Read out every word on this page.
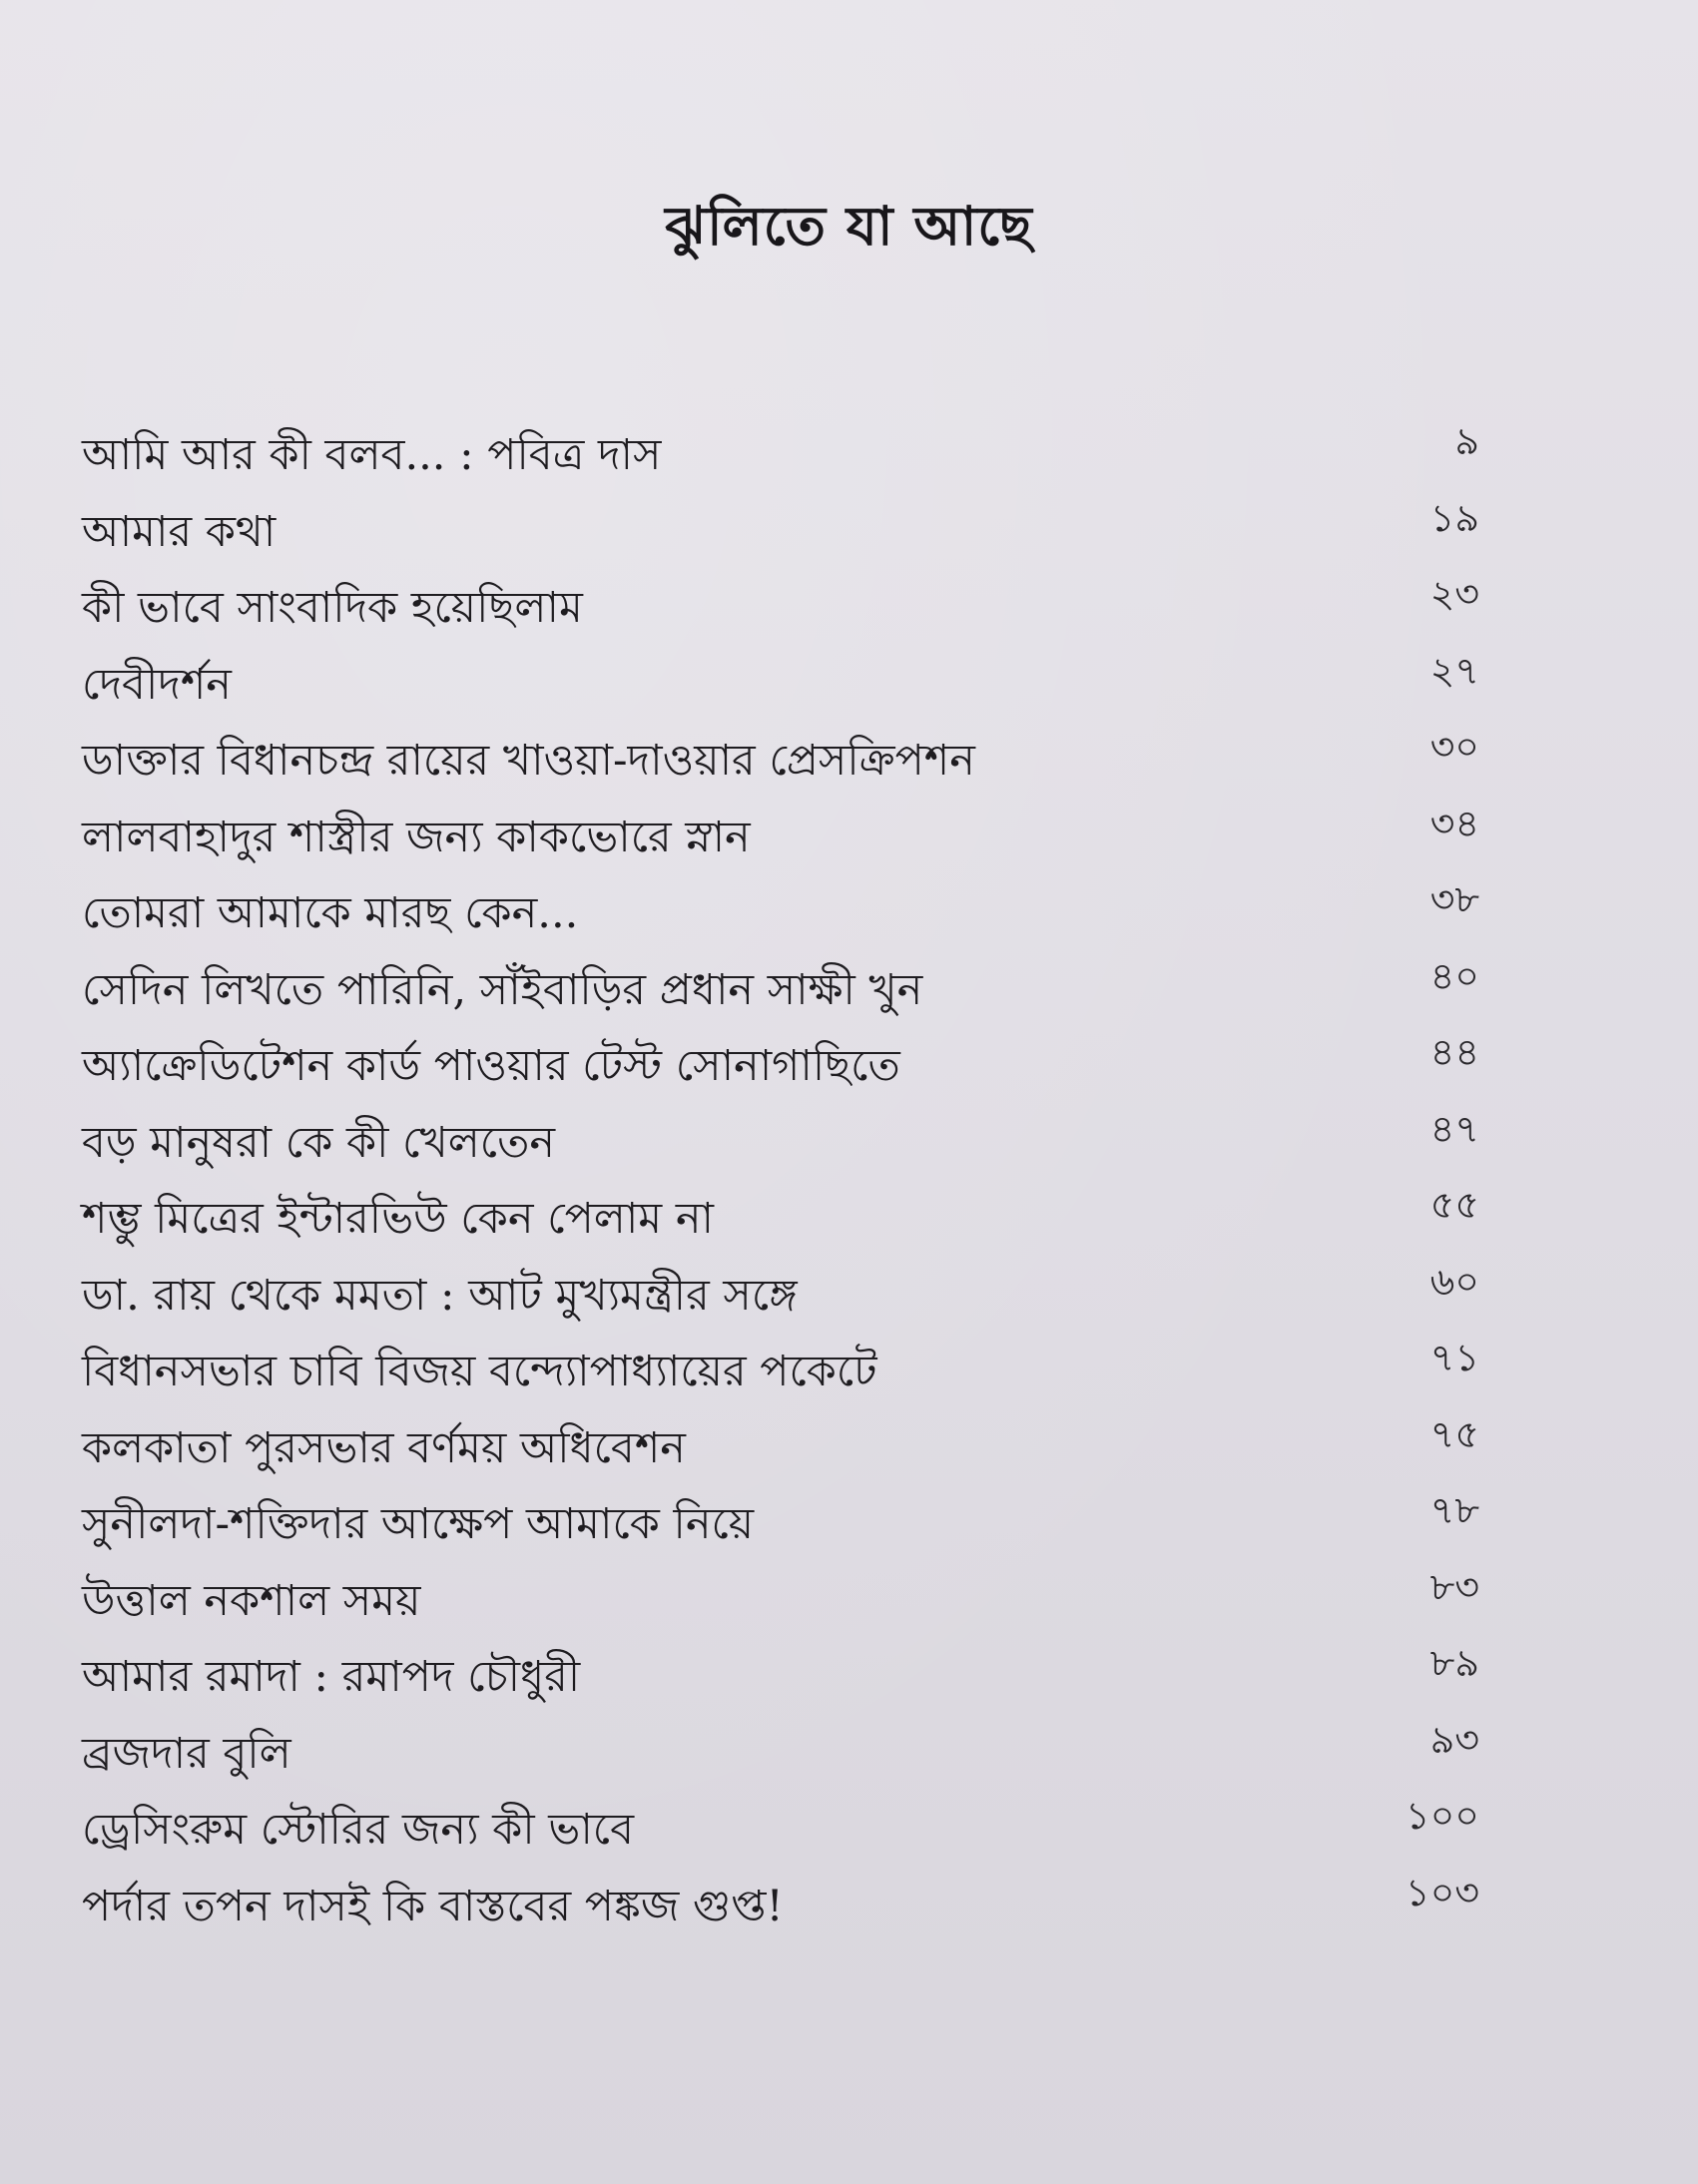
ঝুলিতে যা আছে
আমি আর কী বলব... : পবিত্র দাস	৯
আমার কথা	১৯
কী ভাবে সাংবাদিক হয়েছিলাম	২৩
দেবীদর্শন	২৭
ডাক্তার বিধানচন্দ্র রায়ের খাওয়া-দাওয়ার প্রেসক্রিপশন	৩০
লালবাহাদুর শাস্ত্রীর জন্য কাকভোরে স্নান	৩৪
তোমরা আমাকে মারছ কেন...	৩৮
সেদিন লিখতে পারিনি, সাঁইবাড়ির প্রধান সাক্ষী খুন	৪০
অ্যাক্রেডিটেশন কার্ড পাওয়ার টেস্ট সোনাগাছিতে	৪৪
বড় মানুষরা কে কী খেলতেন	৪৭
শম্ভু মিত্রের ইন্টারভিউ কেন পেলাম না	৫৫
ডা. রায় থেকে মমতা : আট মুখ্যমন্ত্রীর সঙ্গে	৬০
বিধানসভার চাবি বিজয় বন্দ্যোপাধ্যায়ের পকেটে	৭১
কলকাতা পুরসভার বর্ণময় অধিবেশন	৭৫
সুনীলদা-শক্তিদার আক্ষেপ আমাকে নিয়ে	৭৮
উত্তাল নকশাল সময়	৮৩
আমার রমাদা : রমাপদ চৌধুরী	৮৯
ব্রজদার বুলি	৯৩
ড্রেসিংরুম স্টোরির জন্য কী ভাবে	১০০
পর্দার তপন দাসই কি বাস্তবের পঙ্কজ গুপ্ত!	১০৩
